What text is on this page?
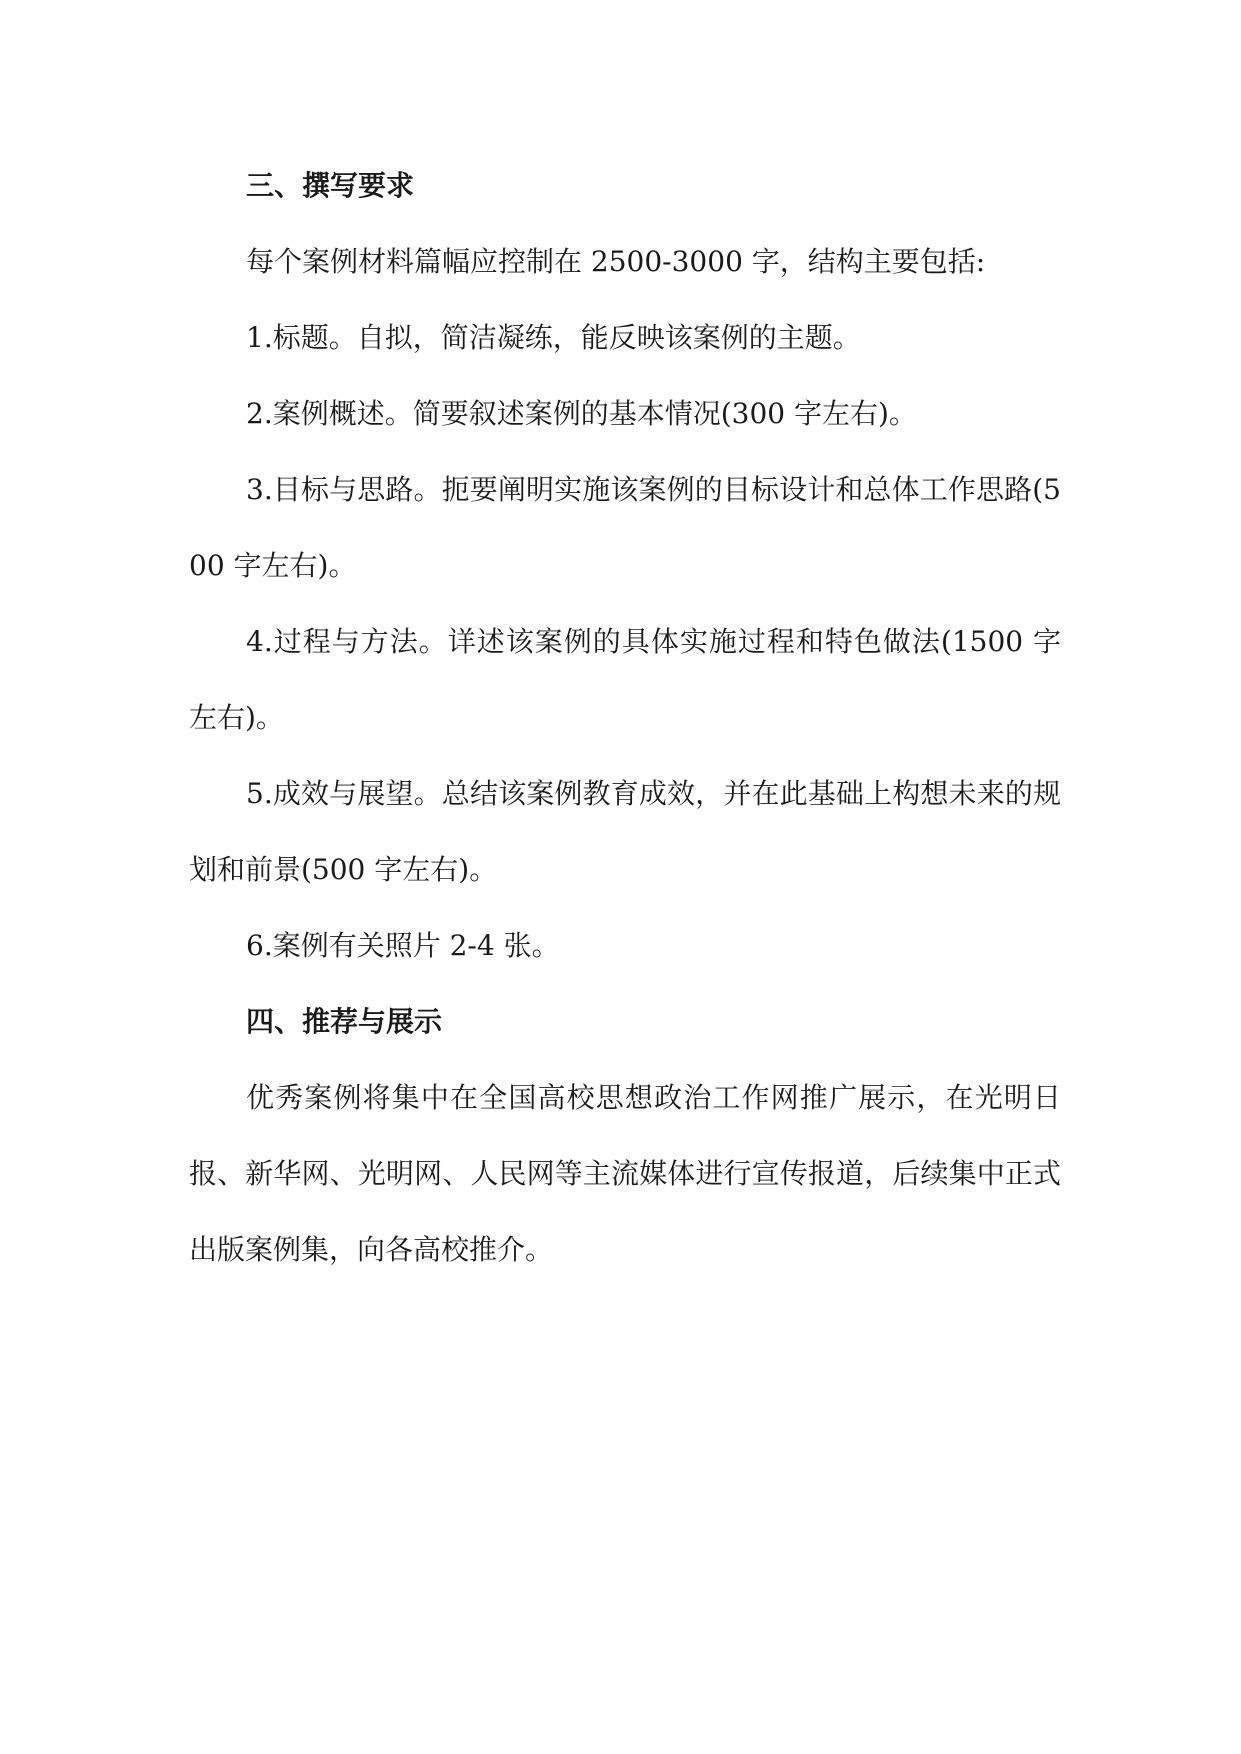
三、撰写要求

每个案例材料篇幅应控制在 2500-3000 字，结构主要包括:

1.标题。自拟，简洁凝练，能反映该案例的主题。

2.案例概述。简要叙述案例的基本情况(300 字左右)。

3.目标与思路。扼要阐明实施该案例的目标设计和总体工作思路(500 字左右)。

4.过程与方法。详述该案例的具体实施过程和特色做法(1500 字左右)。

5.成效与展望。总结该案例教育成效，并在此基础上构想未来的规划和前景(500 字左右)。

6.案例有关照片 2-4 张。

四、推荐与展示

优秀案例将集中在全国高校思想政治工作网推广展示，在光明日报、新华网、光明网、人民网等主流媒体进行宣传报道，后续集中正式出版案例集，向各高校推介。
